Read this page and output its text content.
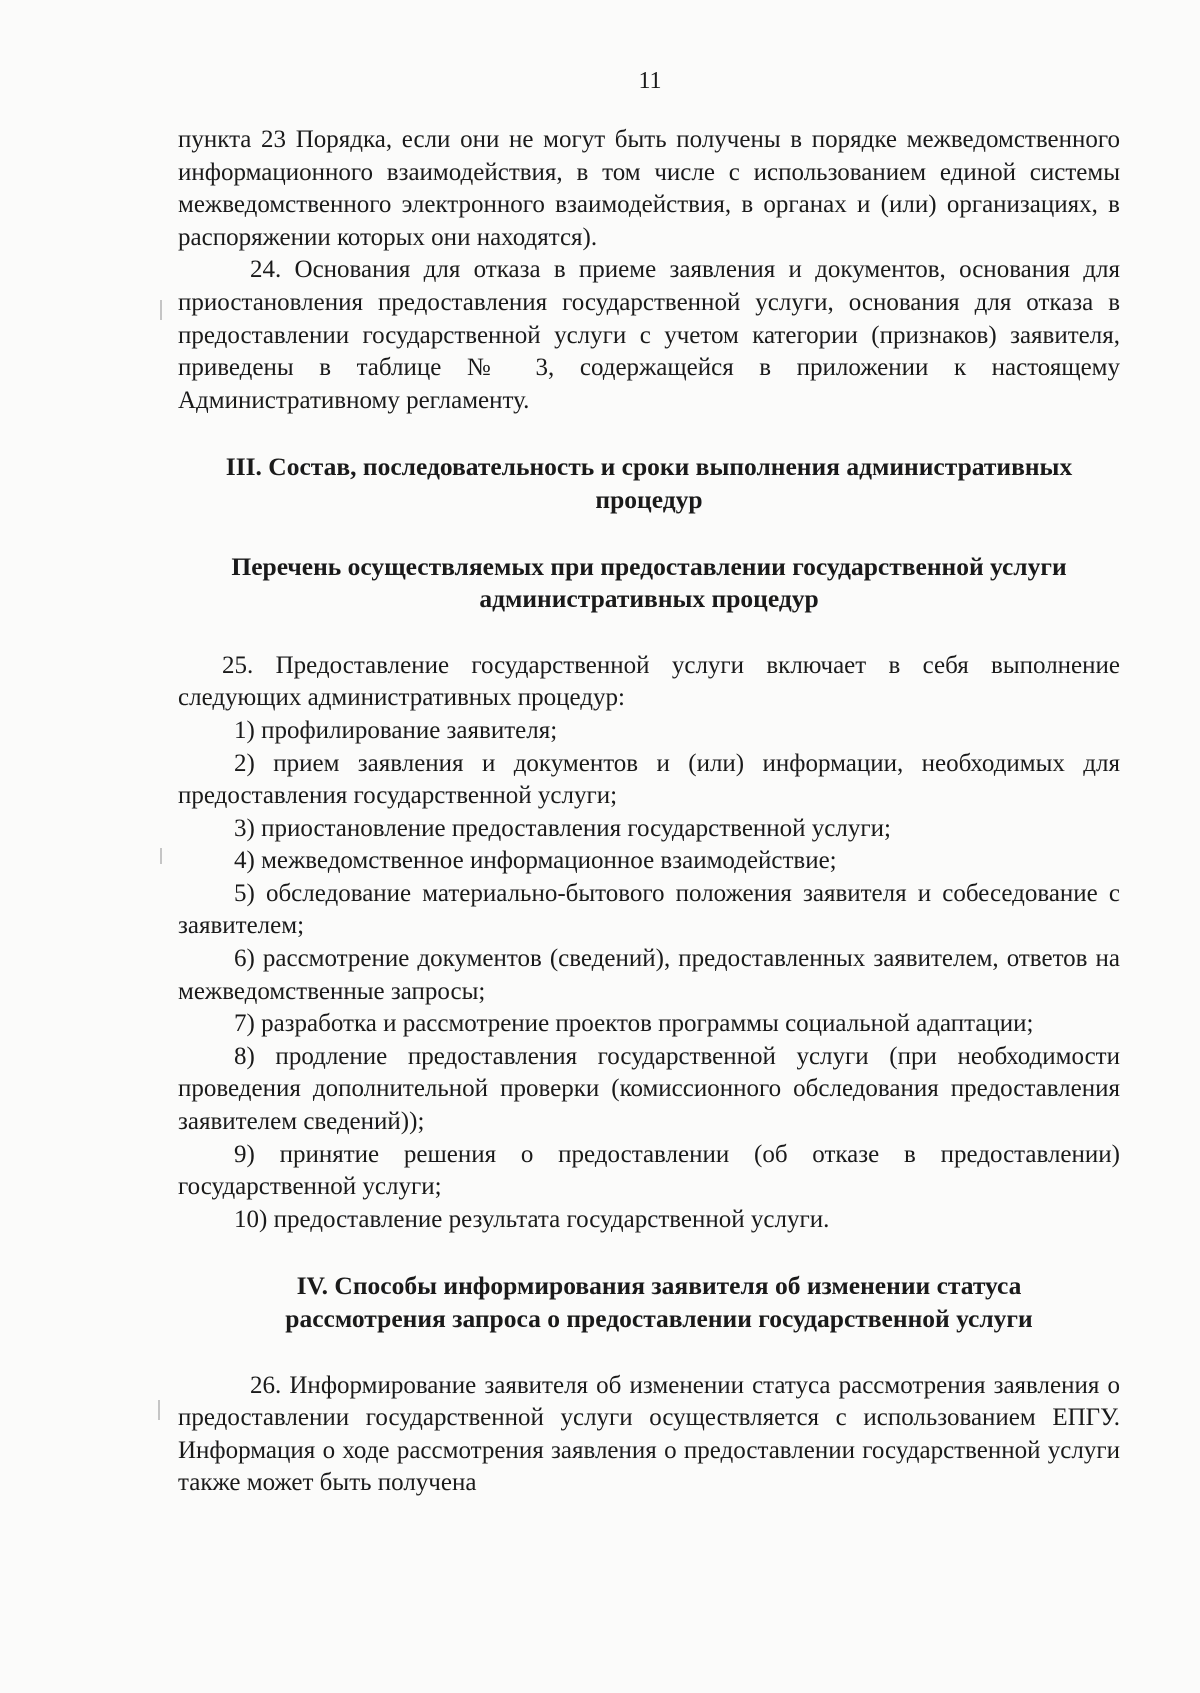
11

пункта 23 Порядка, если они не могут быть получены в порядке межведомственного информационного взаимодействия, в том числе с использованием единой системы межведомственного электронного взаимодействия, в органах и (или) организациях, в распоряжении которых они находятся).

24. Основания для отказа в приеме заявления и документов, основания для приостановления предоставления государственной услуги, основания для отказа в предоставлении государственной услуги с учетом категории (признаков) заявителя, приведены в таблице № 3, содержащейся в приложении к настоящему Административному регламенту.

III. Состав, последовательность и сроки выполнения административных

процедур

Перечень осуществляемых при предоставлении государственной услуги

административных процедур

25. Предоставление государственной услуги включает в себя выполнение следующих административных процедур:

1) профилирование заявителя;

2) прием заявления и документов и (или) информации, необходимых для предоставления государственной услуги;

3) приостановление предоставления государственной услуги;

4) межведомственное информационное взаимодействие;

5) обследование материально-бытового положения заявителя и собеседование с заявителем;

6) рассмотрение документов (сведений), предоставленных заявителем, ответов на межведомственные запросы;

7) разработка и рассмотрение проектов программы социальной адаптации;

8) продление предоставления государственной услуги (при необходимости проведения дополнительной проверки (комиссионного обследования предоставления заявителем сведений));

9) принятие решения о предоставлении (об отказе в предоставлении) государственной услуги;

10) предоставление результата государственной услуги.

IV. Способы информирования заявителя об изменении статуса

рассмотрения запроса о предоставлении государственной услуги

26. Информирование заявителя об изменении статуса рассмотрения заявления о предоставлении государственной услуги осуществляется с использованием ЕПГУ. Информация о ходе рассмотрения заявления о предоставлении государственной услуги также может быть получена
